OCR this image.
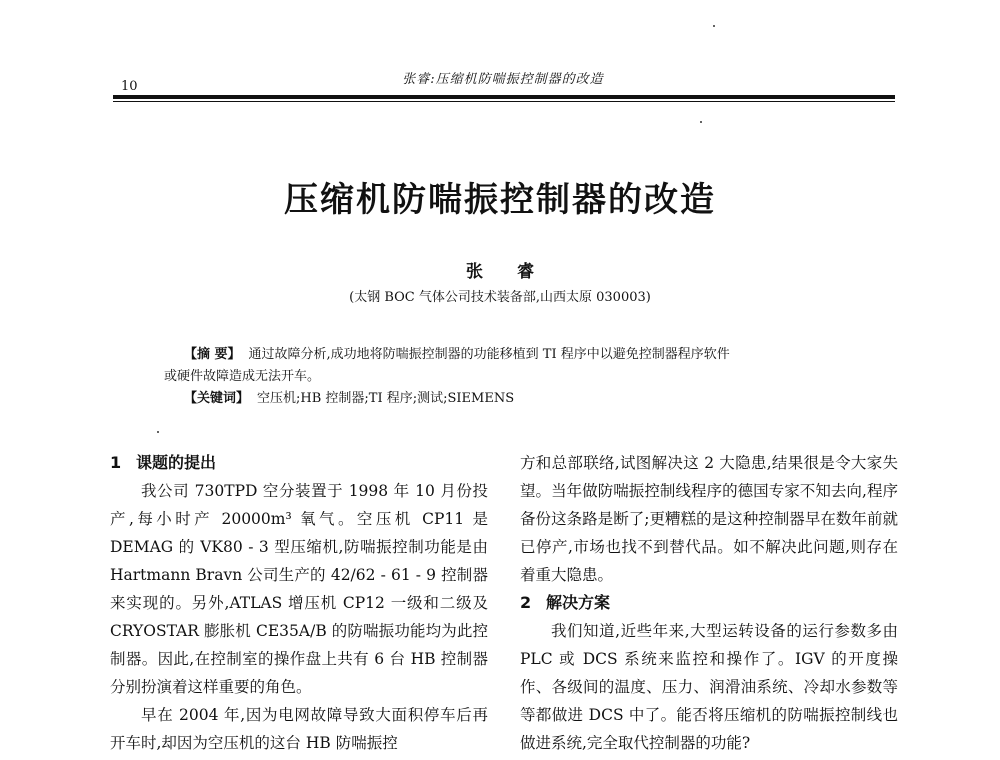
10	张睿:压缩机防喘振控制器的改造
压缩机防喘振控制器的改造
张 睿
(太钢 BOC 气体公司技术装备部,山西太原 030003)

【摘 要】 通过故障分析,成功地将防喘振控制器的功能移植到 TI 程序中以避免控制器程序软件

或硬件故障造成无法开车。

【关键词】 空压机;HB 控制器;TI 程序;测试;SIEMENS

1 课题的提出

我公司 730TPD 空分装置于 1998 年 10 月份投产,每小时产 20000m³ 氧气。空压机 CP11 是 DEMAG 的 VK80 - 3 型压缩机,防喘振控制功能是由 Hartmann Bravn 公司生产的 42/62 - 61 - 9 控制器来实现的。另外,ATLAS 增压机 CP12 一级和二级及 CRYOSTAR 膨胀机 CE35A/B 的防喘振功能均为此控制器。因此,在控制室的操作盘上共有 6 台 HB 控制器分别扮演着这样重要的角色。

早在 2004 年,因为电网故障导致大面积停车后再开车时,却因为空压机的这台 HB 防喘振控

方和总部联络,试图解决这 2 大隐患,结果很是令大家失望。当年做防喘振控制线程序的德国专家不知去向,程序备份这条路是断了;更糟糕的是这种控制器早在数年前就已停产,市场也找不到替代品。如不解决此问题,则存在着重大隐患。

2 解决方案

我们知道,近些年来,大型运转设备的运行参数多由 PLC 或 DCS 系统来监控和操作了。IGV 的开度操作、各级间的温度、压力、润滑油系统、冷却水参数等等都做进 DCS 中了。能否将压缩机的防喘振控制线也做进系统,完全取代控制器的功能?
